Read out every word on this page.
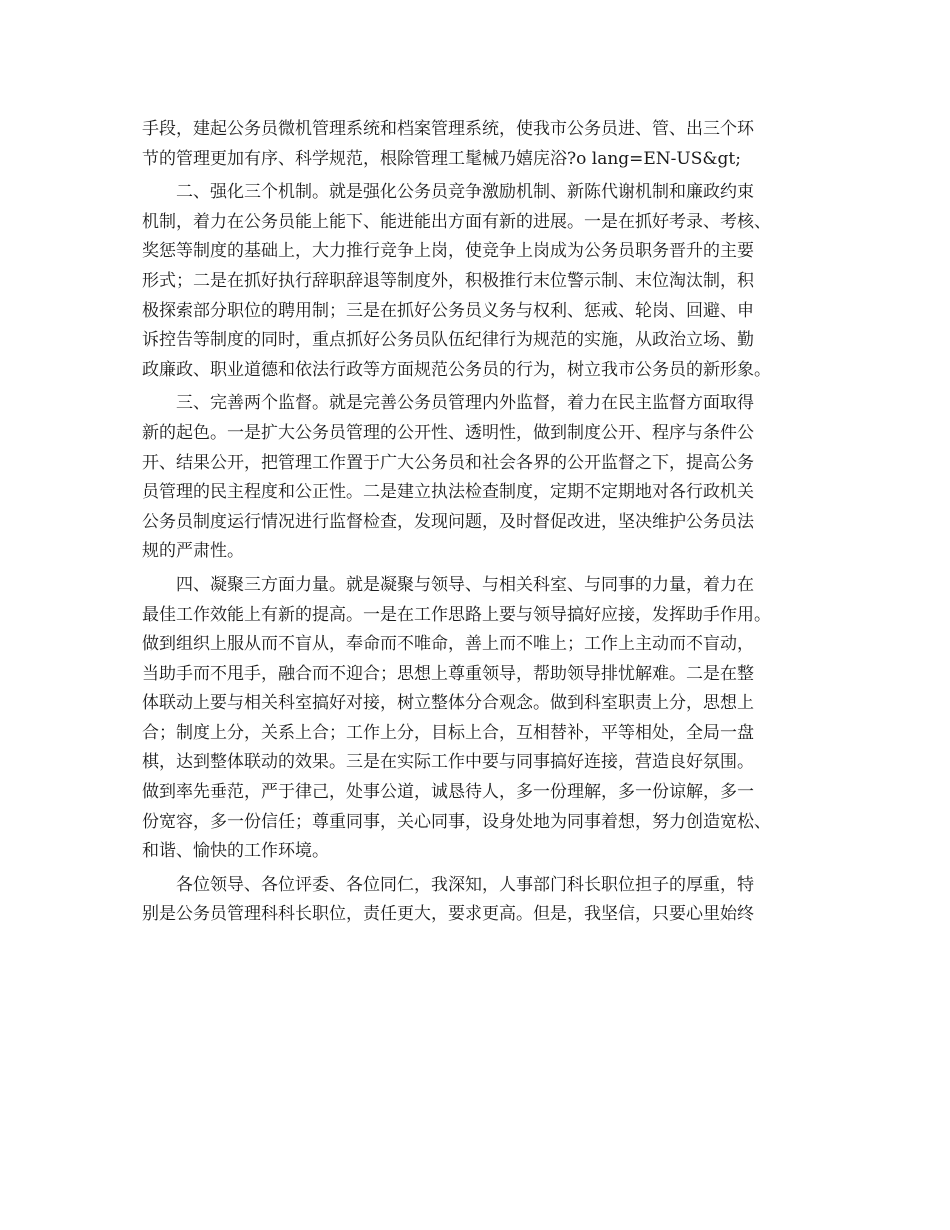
手段，建起公务员微机管理系统和档案管理系统，使我市公务员进、管、出三个环
节的管理更加有序、科学规范，根除管理工髦械乃嬉庑浴?o lang=EN-US&gt;
二、强化三个机制。就是强化公务员竞争激励机制、新陈代谢机制和廉政约束
机制，着力在公务员能上能下、能进能出方面有新的进展。一是在抓好考录、考核、
奖惩等制度的基础上，大力推行竞争上岗，使竞争上岗成为公务员职务晋升的主要
形式；二是在抓好执行辞职辞退等制度外，积极推行末位警示制、末位淘汰制，积
极探索部分职位的聘用制；三是在抓好公务员义务与权利、惩戒、轮岗、回避、申
诉控告等制度的同时，重点抓好公务员队伍纪律行为规范的实施，从政治立场、勤
政廉政、职业道德和依法行政等方面规范公务员的行为，树立我市公务员的新形象。
三、完善两个监督。就是完善公务员管理内外监督，着力在民主监督方面取得
新的起色。一是扩大公务员管理的公开性、透明性，做到制度公开、程序与条件公
开、结果公开，把管理工作置于广大公务员和社会各界的公开监督之下，提高公务
员管理的民主程度和公正性。二是建立执法检查制度，定期不定期地对各行政机关
公务员制度运行情况进行监督检查，发现问题，及时督促改进，坚决维护公务员法
规的严肃性。
四、凝聚三方面力量。就是凝聚与领导、与相关科室、与同事的力量，着力在
最佳工作效能上有新的提高。一是在工作思路上要与领导搞好应接，发挥助手作用。
做到组织上服从而不盲从，奉命而不唯命，善上而不唯上；工作上主动而不盲动，
当助手而不甩手，融合而不迎合；思想上尊重领导，帮助领导排忧解难。二是在整
体联动上要与相关科室搞好对接，树立整体分合观念。做到科室职责上分，思想上
合；制度上分，关系上合；工作上分，目标上合，互相替补，平等相处，全局一盘
棋，达到整体联动的效果。三是在实际工作中要与同事搞好连接，营造良好氛围。
做到率先垂范，严于律己，处事公道，诚恳待人，多一份理解，多一份谅解，多一
份宽容，多一份信任；尊重同事，关心同事，设身处地为同事着想，努力创造宽松、
和谐、愉快的工作环境。
各位领导、各位评委、各位同仁，我深知，人事部门科长职位担子的厚重，特
别是公务员管理科科长职位，责任更大，要求更高。但是，我坚信，只要心里始终
